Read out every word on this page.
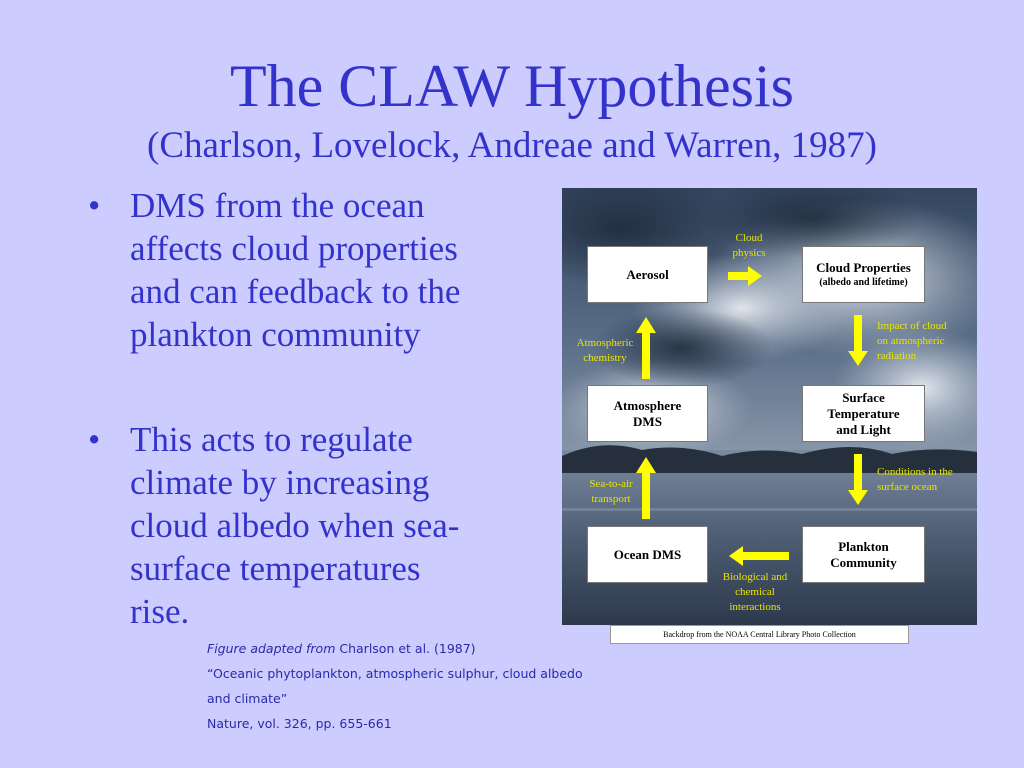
The CLAW Hypothesis
(Charlson, Lovelock, Andreae and Warren, 1987)
• DMS from the ocean
affects cloud properties
and can feedback to the
plankton community
• This acts to regulate
climate by increasing
cloud albedo when sea-
surface temperatures
rise.
Figure adapted from Charlson et al. (1987)
“Oceanic phytoplankton, atmospheric sulphur, cloud albedo
and climate”
Nature, vol. 326, pp. 655-661
Aerosol	Cloud Properties
(albedo and lifetime)
Atmosphere
DMS
Surface
Temperature
and Light
Ocean DMS
Plankton
Community
Cloud
physics
Impact of cloud
on atmospheric
radiation
Atmospheric
chemistry
Conditions in the
surface ocean
Sea-to-air
transport
Biological and
chemical
interactions
Backdrop from the NOAA Central Library Photo Collection
